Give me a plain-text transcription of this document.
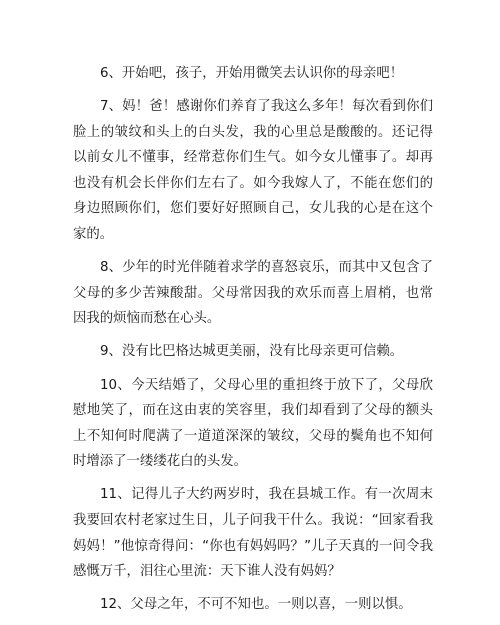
6、开始吧，孩子，开始用微笑去认识你的母亲吧！

7、妈！爸！感谢你们养育了我这么多年！每次看到你们脸上的皱纹和头上的白头发，我的心里总是酸酸的。还记得以前女儿不懂事，经常惹你们生气。如今女儿懂事了。却再也没有机会长伴你们左右了。如今我嫁人了，不能在您们的身边照顾你们，您们要好好照顾自己，女儿我的心是在这个家的。

8、少年的时光伴随着求学的喜怒哀乐，而其中又包含了父母的多少苦辣酸甜。父母常因我的欢乐而喜上眉梢，也常因我的烦恼而愁在心头。

9、没有比巴格达城更美丽，没有比母亲更可信赖。

10、今天结婚了，父母心里的重担终于放下了，父母欣慰地笑了，而在这由衷的笑容里，我们却看到了父母的额头上不知何时爬满了一道道深深的皱纹，父母的鬓角也不知何时增添了一缕缕花白的头发。

11、记得儿子大约两岁时，我在县城工作。有一次周末我要回农村老家过生日，儿子问我干什么。我说：“回家看我妈妈！”他惊奇得问：“你也有妈妈吗？”儿子天真的一问令我感慨万千，泪往心里流：天下谁人没有妈妈？

12、父母之年，不可不知也。一则以喜，一则以惧。
